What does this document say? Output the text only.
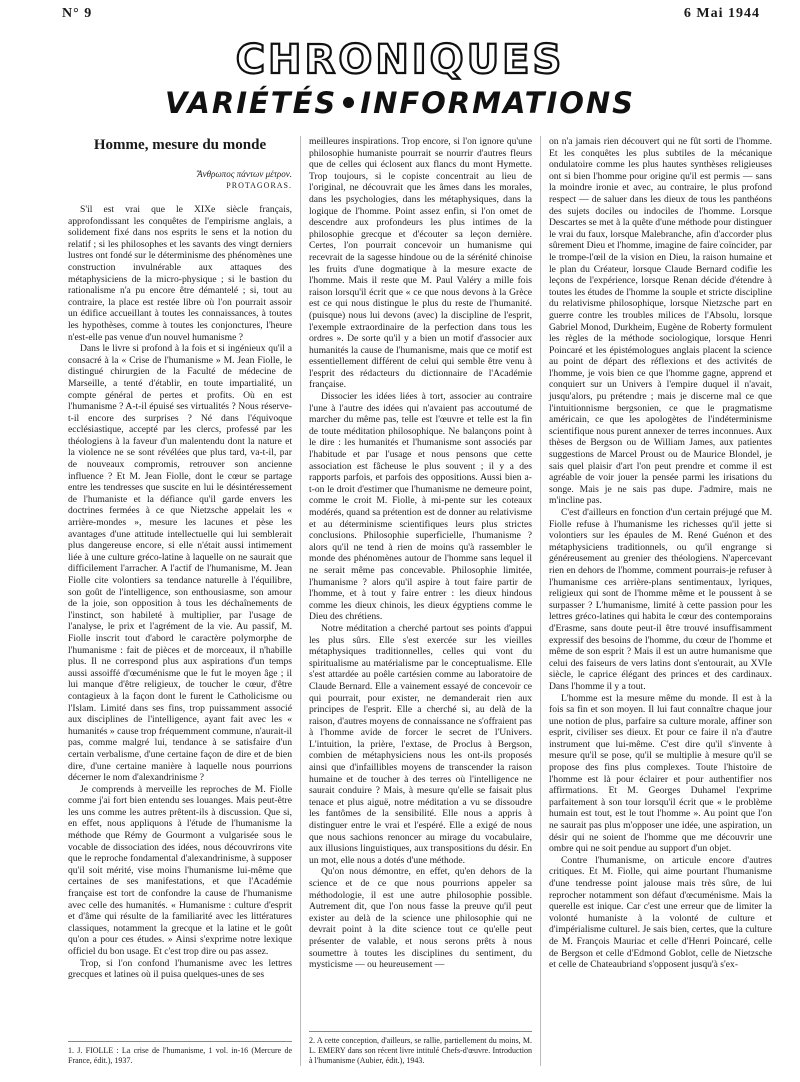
N° 9	6 Mai 1944
CHRONIQUES
VARIÉTÉS INFORMATIONS
Homme, mesure du monde
Ἄνθρωπος πάντων μέτρον.
PROTAGORAS.

S'il est vrai que le XIXe siècle français, approfondissant les conquêtes de l'empirisme anglais, a solidement fixé dans nos esprits le sens et la notion du relatif ; si les philosophes et les savants des vingt derniers lustres ont fondé sur le déterminisme des phénomènes une construction invulnérable aux attaques des métaphysiciens de la micro-physique ; si le bastion du rationalisme n'a pu encore être démantelé ; si, tout au contraire, la place est restée libre où l'on pourrait assoir un édifice accueillant à toutes les connaissances, à toutes les hypothèses, comme à toutes les conjonctures, l'heure n'est-elle pas venue d'un nouvel humanisme ?

Dans le livre si profond à la fois et si ingénieux qu'il a consacré à la « Crise de l'humanisme » M. Jean Fiolle, le distingué chirurgien de la Faculté de médecine de Marseille, a tenté d'établir, en toute impartialité, un compte général de pertes et profits. Où en est l'humanisme ? A-t-il épuisé ses virtualités ? Nous réserve-t-il encore des surprises ? Né dans l'équivoque ecclésiastique, accepté par les clercs, professé par les théologiens à la faveur d'un malentendu dont la nature et la violence ne se sont révélées que plus tard, va-t-il, par de nouveaux compromis, retrouver son ancienne influence ? Et M. Jean Fiolle, dont le cœur se partage entre les tendresses que suscite en lui le désintéressement de l'humaniste et la défiance qu'il garde envers les doctrines fermées à ce que Nietzsche appelait les « arrière-mondes », mesure les lacunes et pèse les avantages d'une attitude intellectuelle qui lui semblerait plus dangereuse encore, si elle n'était aussi intimement liée à une culture gréco-latine à laquelle on ne saurait que difficilement l'arracher. A l'actif de l'humanisme, M. Jean Fiolle cite volontiers sa tendance naturelle à l'équilibre, son goût de l'intelligence, son enthousiasme, son amour de la joie, son opposition à tous les déchaînements de l'instinct, son habileté à multiplier, par l'usage de l'analyse, le prix et l'agrément de la vie. Au passif, M. Fiolle inscrit tout d'abord le caractère polymorphe de l'humanisme : fait de pièces et de morceaux, il n'habille plus. Il ne correspond plus aux aspirations d'un temps aussi assoiffé d'œcuménisme que le fut le moyen âge ; il lui manque d'être religieux, de toucher le cœur, d'être contagieux à la façon dont le furent le Catholicisme ou l'Islam. Limité dans ses fins, trop puissamment associé aux disciplines de l'intelligence, ayant fait avec les « humanités » cause trop fréquemment commune, n'aurait-il pas, comme malgré lui, tendance à se satisfaire d'un certain verbalisme, d'une certaine façon de dire et de bien dire, d'une certaine manière à laquelle nous pourrions décerner le nom d'alexandrinisme ?

Je comprends à merveille les reproches de M. Fiolle comme j'ai fort bien entendu ses louanges. Mais peut-être les uns comme les autres prêtent-ils à discussion. Que si, en effet, nous appliquons à l'étude de l'humanisme la méthode que Rémy de Gourmont a vulgarisée sous le vocable de dissociation des idées, nous découvrirons vite que le reproche fondamental d'alexandrinisme, à supposer qu'il soit mérité, vise moins l'humanisme lui-même que certaines de ses manifestations, et que l'Académie française est tort de confondre la cause de l'humanisme avec celle des humanités. « Humanisme : culture d'esprit et d'âme qui résulte de la familiarité avec les littératures classiques, notamment la grecque et la latine et le goût qu'on a pour ces études. » Ainsi s'exprime notre lexique officiel du bon usage. Et c'est trop dire ou pas assez.

Trop, si l'on confond l'humanisme avec les lettres grecques et latines où il puisa quelques-unes de ses

1. J. FIOLLE : La crise de l'humanisme, 1 vol. in-16 (Mercure de France, édit.), 1937.

meilleures inspirations. Trop encore, si l'on ignore qu'une philosophie humaniste pourrait se nourrir d'autres fleurs que de celles qui éclosent aux flancs du mont Hymette. Trop toujours, si le copiste concentrait au lieu de l'original, ne découvrait que les âmes dans les morales, dans les psychologies, dans les métaphysiques, dans la logique de l'homme. Point assez enfin, si l'on omet de descendre aux profondeurs les plus intimes de la philosophie grecque et d'écouter sa leçon dernière. Certes, l'on pourrait concevoir un humanisme qui recevrait de la sagesse hindoue ou de la sérénité chinoise les fruits d'une dogmatique à la mesure exacte de l'homme. Mais il reste que M. Paul Valéry a mille fois raison lorsqu'il écrit que « ce que nous devons à la Grèce est ce qui nous distingue le plus du reste de l'humanité. (puisque) nous lui devons (avec) la discipline de l'esprit, l'exemple extraordinaire de la perfection dans tous les ordres ». De sorte qu'il y a bien un motif d'associer aux humanités la cause de l'humanisme, mais que ce motif est essentiellement différent de celui qui semble être venu à l'esprit des rédacteurs du dictionnaire de l'Académie française.

Dissocier les idées liées à tort, associer au contraire l'une à l'autre des idées qui n'avaient pas accoutumé de marcher du même pas, telle est l'œuvre et telle est la fin de toute méditation philosophique. Ne balançons point à le dire : les humanités et l'humanisme sont associés par l'habitude et par l'usage et nous pensons que cette association est fâcheuse le plus souvent ; il y a des rapports parfois, et parfois des oppositions. Aussi bien a-t-on le droit d'estimer que l'humanisme ne demeure point, comme le croit M. Fiolle, à mi-pente sur les coteaux modérés, quand sa prétention est de donner au relativisme et au déterminisme scientifiques leurs plus strictes conclusions. Philosophie superficielle, l'humanisme ? alors qu'il ne tend à rien de moins qu'à rassembler le monde des phénomènes autour de l'homme sans lequel il ne serait même pas concevable. Philosophie limitée, l'humanisme ? alors qu'il aspire à tout faire partir de l'homme, et à tout y faire entrer : les dieux hindous comme les dieux chinois, les dieux égyptiens comme le Dieu des chrétiens.

Notre méditation a cherché partout ses points d'appui les plus sûrs. Elle s'est exercée sur les vieilles métaphysiques traditionnelles, celles qui vont du spiritualisme au matérialisme par le conceptualisme. Elle s'est attardée au poêle cartésien comme au laboratoire de Claude Bernard. Elle a vainement essayé de concevoir ce qui pourrait, pour exister, ne demanderait rien aux principes de l'esprit. Elle a cherché si, au delà de la raison, d'autres moyens de connaissance ne s'offraient pas à l'homme avide de forcer le secret de l'Univers. L'intuition, la prière, l'extase, de Proclus à Bergson, combien de métaphysiciens nous les ont-ils proposés ainsi que d'infaillibles moyens de transcender la raison humaine et de toucher à des terres où l'intelligence ne saurait conduire ? Mais, à mesure qu'elle se faisait plus tenace et plus aiguë, notre méditation a vu se dissoudre les fantômes de la sensibilité. Elle nous a appris à distinguer entre le vrai et l'espéré. Elle a exigé de nous que nous sachions renoncer au mirage du vocabulaire, aux illusions linguistiques, aux transpositions du désir. En un mot, elle nous a dotés d'une méthode.

Qu'on nous démontre, en effet, qu'en dehors de la science et de ce que nous pourrions appeler sa méthodologie, il est une autre philosophie possible. Autrement dit, que l'on nous fasse la preuve qu'il peut exister au delà de la science une philosophie qui ne devrait point à la dite science tout ce qu'elle peut présenter de valable, et nous serons prêts à nous soumettre à toutes les disciplines du sentiment, du mysticisme — ou heureusement —

2. A cette conception, d'ailleurs, se rallie, partiellement du moins, M. L. EMERY dans son récent livre intitulé Chefs-d'œuvre. Introduction à l'humanisme (Aubier, édit.), 1943.

on n'a jamais rien découvert qui ne fût sorti de l'homme. Et les conquêtes les plus subtiles de la mécanique ondulatoire comme les plus hautes synthèses religieuses ont si bien l'homme pour origine qu'il est permis — sans la moindre ironie et avec, au contraire, le plus profond respect — de saluer dans les dieux de tous les panthéons des sujets dociles ou indociles de l'homme. Lorsque Descartes se met à la quête d'une méthode pour distinguer le vrai du faux, lorsque Malebranche, afin d'accorder plus sûrement Dieu et l'homme, imagine de faire coïncider, par le trompe-l'œil de la vision en Dieu, la raison humaine et le plan du Créateur, lorsque Claude Bernard codifie les leçons de l'expérience, lorsque Renan décide d'étendre à toutes les études de l'homme la souple et stricte discipline du relativisme philosophique, lorsque Nietzsche part en guerre contre les troubles milices de l'Absolu, lorsque Gabriel Monod, Durkheim, Eugène de Roberty formulent les règles de la méthode sociologique, lorsque Henri Poincaré et les épistémologues anglais placent la science au point de départ des réflexions et des activités de l'homme, je vois bien ce que l'homme gagne, apprend et conquiert sur un Univers à l'empire duquel il n'avait, jusqu'alors, pu prétendre ; mais je discerne mal ce que l'intuitionnisme bergsonien, ce que le pragmatisme américain, ce que les apologètes de l'indéterminisme scientifique nous purent annexer de terres inconnues. Aux thèses de Bergson ou de William James, aux patientes suggestions de Marcel Proust ou de Maurice Blondel, je sais quel plaisir d'art l'on peut prendre et comme il est agréable de voir jouer la pensée parmi les irisations du songe. Mais je ne sais pas dupe. J'admire, mais ne m'incline pas.

C'est d'ailleurs en fonction d'un certain préjugé que M. Fiolle refuse à l'humanisme les richesses qu'il jette si volontiers sur les épaules de M. René Guénon et des métaphysiciens traditionnels, ou qu'il engrange si généreusement au grenier des théologiens. N'apercevant rien en dehors de l'homme, comment pourrais-je refuser à l'humanisme ces arrière-plans sentimentaux, lyriques, religieux qui sont de l'homme même et le poussent à se surpasser ? L'humanisme, limité à cette passion pour les lettres gréco-latines qui habita le cœur des contemporains d'Erasme, sans doute peut-il être trouvé insuffisamment expressif des besoins de l'homme, du cœur de l'homme et même de son esprit ? Mais il est un autre humanisme que celui des faiseurs de vers latins dont s'entourait, au XVIe siècle, le caprice élégant des princes et des cardinaux. Dans l'homme il y a tout.

L'homme est la mesure même du monde. Il est à la fois sa fin et son moyen. Il lui faut connaître chaque jour une notion de plus, parfaire sa culture morale, affiner son esprit, civiliser ses dieux. Et pour ce faire il n'a d'autre instrument que lui-même. C'est dire qu'il s'invente à mesure qu'il se pose, qu'il se multiplie à mesure qu'il se propose des fins plus complexes. Toute l'histoire de l'homme est là pour éclairer et pour authentifier nos affirmations. Et M. Georges Duhamel l'exprime parfaitement à son tour lorsqu'il écrit que « le problème humain est tout, est le tout l'homme ». Au point que l'on ne saurait pas plus m'opposer une idée, une aspiration, un désir qui ne soient de l'homme que me découvrir une ombre qui ne soit pendue au support d'un objet.

Contre l'humanisme, on articule encore d'autres critiques. Et M. Fiolle, qui aime pourtant l'humanisme d'une tendresse point jalouse mais très sûre, de lui reprocher notamment son défaut d'œcuménisme. Mais la querelle est inique. Car c'est une erreur que de limiter la volonté humaniste à la volonté de culture et d'impérialisme culturel. Je sais bien, certes, que la culture de M. François Mauriac et celle d'Henri Poincaré, celle de Bergson et celle d'Edmond Goblot, celle de Nietzsche et celle de Chateaubriand s'opposent jusqu'à s'ex-
